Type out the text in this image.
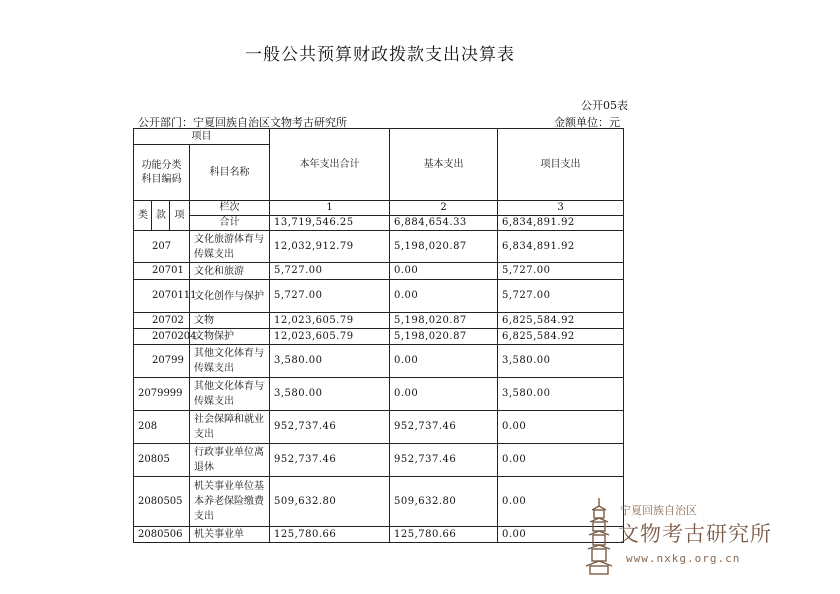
一般公共预算财政拨款支出决算表
公开05表
公开部门：宁夏回族自治区文物考古研究所	金额单位：元
项目				本年支出合计	基本支出	项目支出
功能分类科目编码			科目名称			
类	款	项	栏次	1	2	3
			合计	13,719,546.25	6,884,654.33	6,834,891.92
207			文化旅游体育与传媒支出	12,032,912.79	5,198,020.87	6,834,891.92
20701			文化和旅游	5,727.00	0.00	5,727.00
2070111			文化创作与保护	5,727.00	0.00	5,727.00
20702			文物	12,023,605.79	5,198,020.87	6,825,584.92
2070204			文物保护	12,023,605.79	5,198,020.87	6,825,584.92
20799			其他文化体育与传媒支出	3,580.00	0.00	3,580.00
2079999			其他文化体育与传媒支出	3,580.00	0.00	3,580.00
208			社会保障和就业支出	952,737.46	952,737.46	0.00
20805			行政事业单位离退休	952,737.46	952,737.46	0.00
2080505			机关事业单位基本养老保险缴费支出	509,632.80	509,632.80	0.00
2080506			机关事业单	125,780.66	125,780.66	0.00
宁夏回族自治区
文物考古研究所
www.nxkg.org.cn
